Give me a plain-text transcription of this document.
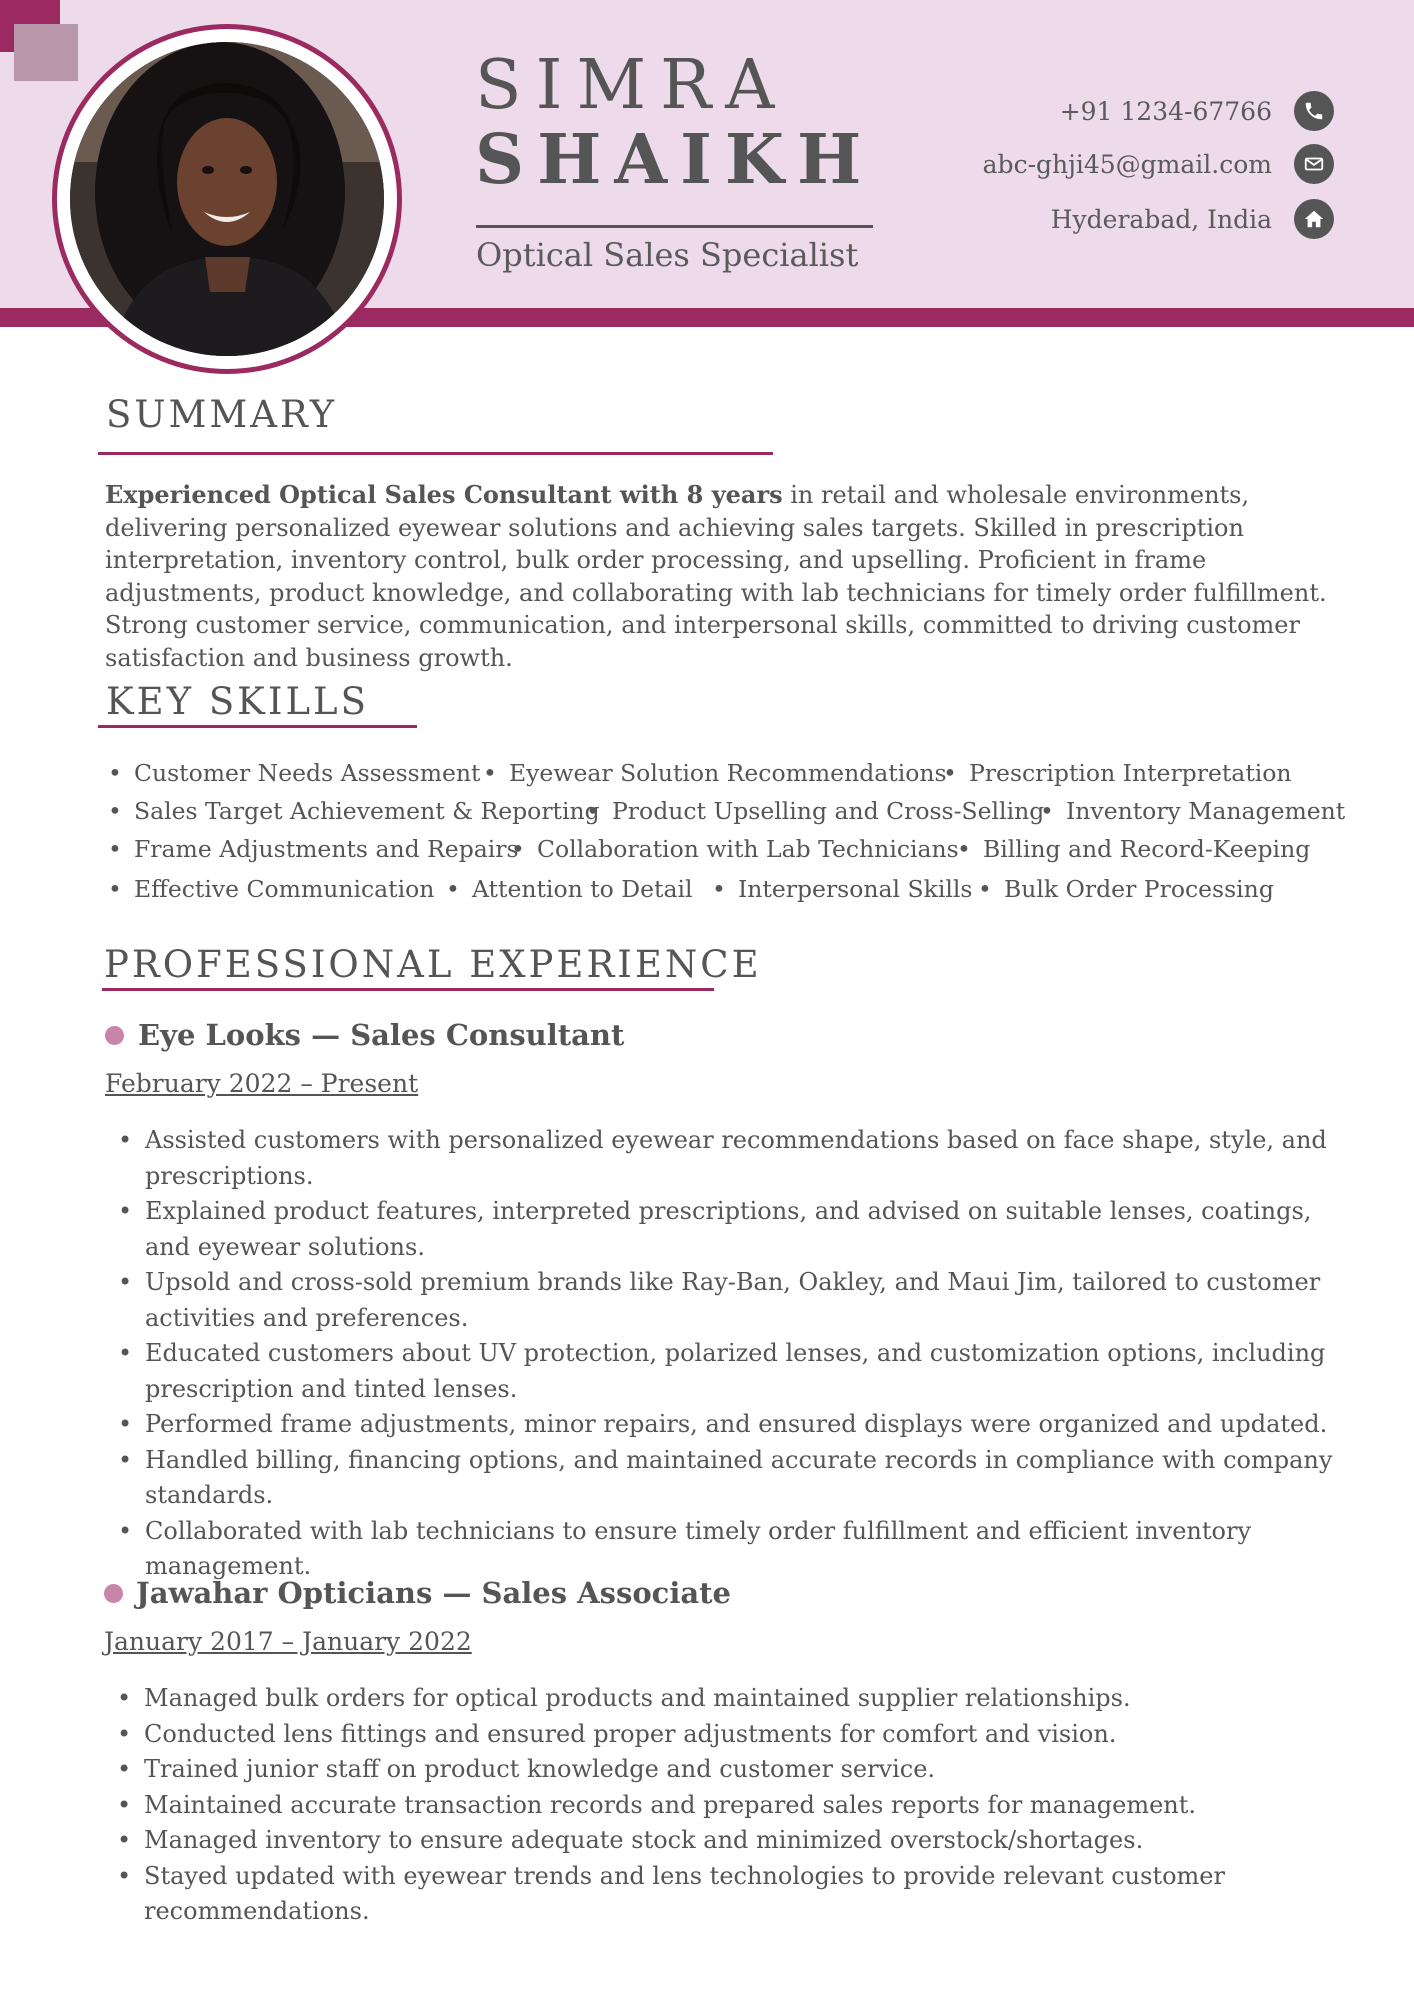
SIMRA
SHAIKH
Optical Sales Specialist
+91 1234-67766
abc-ghji45@gmail.com
Hyderabad, India
SUMMARY
Experienced Optical Sales Consultant with 8 years in retail and wholesale environments, delivering personalized eyewear solutions and achieving sales targets. Skilled in prescription interpretation, inventory control, bulk order processing, and upselling. Proficient in frame adjustments, product knowledge, and collaborating with lab technicians for timely order fulfillment. Strong customer service, communication, and interpersonal skills, committed to driving customer satisfaction and business growth.
KEY SKILLS
• Customer Needs Assessment • Eyewear Solution Recommendations • Prescription Interpretation
• Sales Target Achievement & Reporting • Product Upselling and Cross-Selling • Inventory Management
• Frame Adjustments and Repairs • Collaboration with Lab Technicians • Billing and Record-Keeping
• Effective Communication • Attention to Detail • Interpersonal Skills • Bulk Order Processing
PROFESSIONAL EXPERIENCE
Eye Looks — Sales Consultant
February 2022 – Present
• Assisted customers with personalized eyewear recommendations based on face shape, style, and prescriptions.
• Explained product features, interpreted prescriptions, and advised on suitable lenses, coatings, and eyewear solutions.
• Upsold and cross-sold premium brands like Ray-Ban, Oakley, and Maui Jim, tailored to customer activities and preferences.
• Educated customers about UV protection, polarized lenses, and customization options, including prescription and tinted lenses.
• Performed frame adjustments, minor repairs, and ensured displays were organized and updated.
• Handled billing, financing options, and maintained accurate records in compliance with company standards.
• Collaborated with lab technicians to ensure timely order fulfillment and efficient inventory management.
Jawahar Opticians — Sales Associate
January 2017 – January 2022
• Managed bulk orders for optical products and maintained supplier relationships.
• Conducted lens fittings and ensured proper adjustments for comfort and vision.
• Trained junior staff on product knowledge and customer service.
• Maintained accurate transaction records and prepared sales reports for management.
• Managed inventory to ensure adequate stock and minimized overstock/shortages.
• Stayed updated with eyewear trends and lens technologies to provide relevant customer recommendations.
